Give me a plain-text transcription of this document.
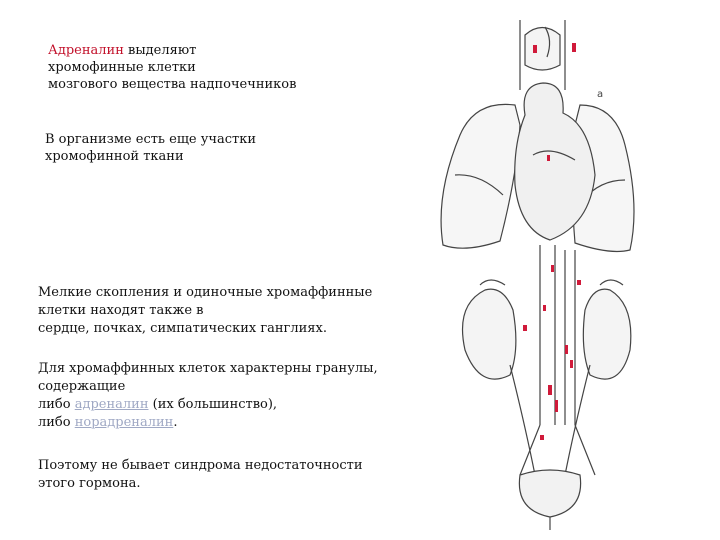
Адреналин выделяют
хромофинные клетки
мозгового вещества надпочечников
В организме есть еще участки
хромофинной ткани
Мелкие скопления и одиночные хромаффинные
клетки находят также в
сердце, почках, симпатических ганглиях.
Для хромаффинных клеток характерны гранулы,
содержащие
либо адреналин (их большинство),
либо норадреналин.
Поэтому не бывает синдрома недостаточности
этого гормона.
a
